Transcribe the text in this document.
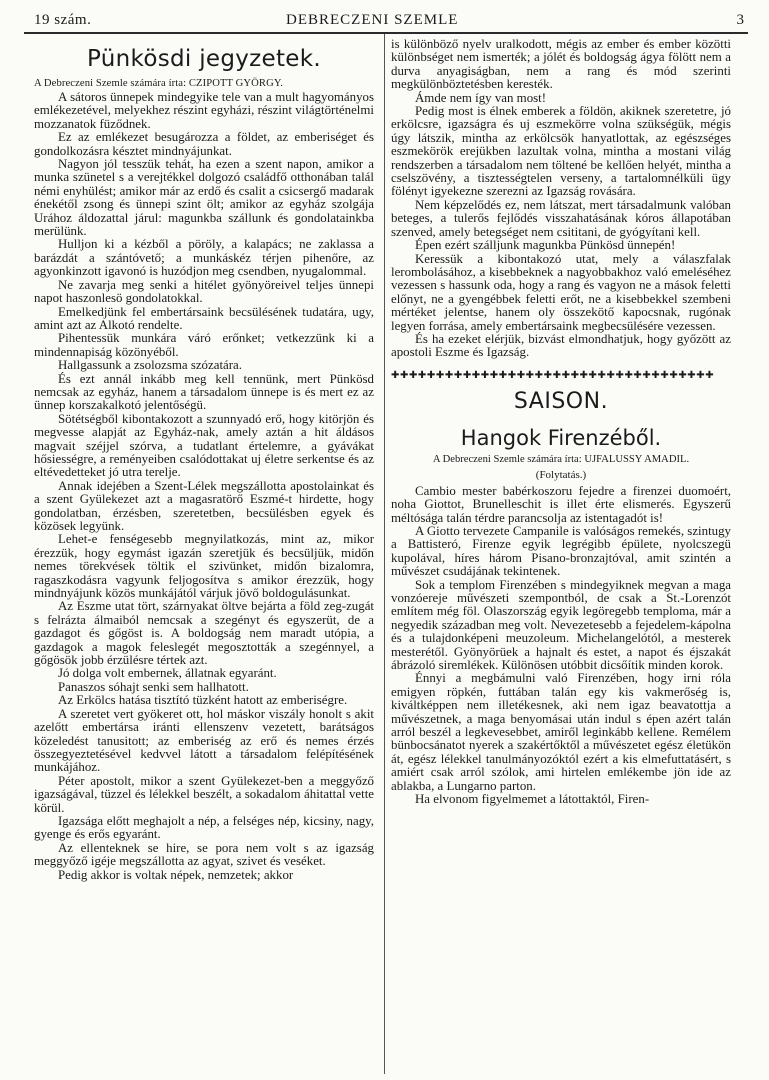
19 szám.	DEBRECZENI SZEMLE	3
Pünkösdi jegyzetek.
A Debreczeni Szemle számára írta: CZIPOTT GYÖRGY.

A sátoros ünnepek mindegyike tele van a mult hagyományos emlékezetével, melyekhez részint egyházi, részint világtörténelmi mozzanatok füződnek.

Ez az emlékezet besugározza a földet, az emberiséget és gondolkozásra késztet mindnyájunkat.

Nagyon jól tesszük tehát, ha ezen a szent napon, amikor a munka szünetel s a verejtékkel dolgozó családfő otthonában talál némi enyhülést; amikor már az erdő és csalit a csicsergő madarak énekétől zsong és ünnepi szint ölt; amikor az egyház szolgája Urához áldozattal járul: magunkba szállunk és gondolatainkba merülünk.

Hulljon ki a kézből a pöröly, a kalapács; ne zaklassa a barázdát a szántóvető; a munkáskéz térjen pihenőre, az agyonkinzott igavonó is huzódjon meg csendben, nyugalommal.

Ne zavarja meg senki a hitélet gyönyöreivel teljes ünnepi napot haszonlesö gondolatokkal.

Emelkedjünk fel embertársaink becsülésének tudatára, ugy, amint azt az Alkotó rendelte.

Pihentessük munkára váró erőnket; vetkezzünk ki a mindennapiság közönyéből.

Hallgassunk a zsolozsma szózatára.

És ezt annál inkább meg kell tennünk, mert Pünkösd nemcsak az egyház, hanem a társadalom ünnepe is és mert ez az ünnep korszakalkotó jelentőségü.

Sötétségből kibontakozott a szunnyadó erő, hogy kitörjön és megvesse alapját az Egyház-nak, amely aztán a hit áldásos magvait széjjel szórva, a tudatlant értelemre, a gyávákat hősiességre, a reményeiben csalódottakat uj életre serkentse és az eltévedetteket jó utra terelje.

Annak idejében a Szent-Lélek megszállotta apostolainkat és a szent Gyülekezet azt a magasratörő Eszmé-t hirdette, hogy gondolatban, érzésben, szeretetben, becsülésben egyek és közösek legyünk.

Lehet-e fenségesebb megnyilatkozás, mint az, mikor érezzük, hogy egymást igazán szeretjük és becsüljük, midőn nemes törekvések töltik el szivünket, midőn bizalomra, ragaszkodásra vagyunk feljogosítva s amikor érezzük, hogy mindnyájunk közös munkájától várjuk jövő boldogulásunkat.

Az Eszme utat tört, szárnyakat öltve bejárta a föld zeg-zugát s felrázta álmaiból nemcsak a szegényt és egyszerüt, de a gazdagot és gőgöst is. A boldogság nem maradt utópia, a gazdagok a magok feleslegét megosztották a szegénnyel, a gőgösök jobb érzülésre tértek azt.

Jó dolga volt embernek, állatnak egyaránt.

Panaszos sóhajt senki sem hallhatott.

Az Erkölcs hatása tisztító tüzként hatott az emberiségre.

A szeretet vert gyökeret ott, hol máskor viszály honolt s akit azelőtt embertársa iránti ellenszenv vezetett, barátságos közeledést tanusitott; az emberiség az erő és nemes érzés összegyeztetésével kedvvel látott a társadalom felépítésének munkájához.

Péter apostolt, mikor a szent Gyülekezet-ben a meggyőző igazságával, tüzzel és lélekkel beszélt, a sokadalom áhitattal vette körül.

Igazsága előtt meghajolt a nép, a felséges nép, kicsiny, nagy, gyenge és erős egyaránt.

Az ellenteknek se hire, se pora nem volt s az igazság meggyőző igéje megszállotta az agyat, szivet és veséket.

Pedig akkor is voltak népek, nemzetek; akkor

is különböző nyelv uralkodott, mégis az ember és ember közötti különbséget nem ismerték; a jólét és boldogság ágya fölött nem a durva anyagiságban, nem a rang és mód szerinti megkülönböztetésben keresték.

Ámde nem így van most!

Pedig most is élnek emberek a földön, akiknek szeretetre, jó erkölcsre, igazságra és uj eszmekörre volna szükségük, mégis úgy látszik, mintha az erkölcsök hanyatlottak, az egészséges eszmekörök erejükben lazultak volna, mintha a mostani világ rendszerben a társadalom nem töltené be kellően helyét, mintha a cselszövény, a tisztességtelen verseny, a tartalomnélküli ügy fölényt igyekezne szerezni az Igazság rovására.

Nem képzelődés ez, nem látszat, mert társadalmunk valóban beteges, a tulerős fejlődés visszahatásának kóros állapotában szenved, amely betegséget nem csititani, de gyógyítani kell.

Épen ezért szálljunk magunkba Pünkösd ünnepén!

Keressük a kibontakozó utat, mely a válaszfalak lerombolásához, a kisebbeknek a nagyobbakhoz való emeléséhez vezessen s hassunk oda, hogy a rang és vagyon ne a mások feletti előnyt, ne a gyengébbek feletti erőt, ne a kisebbekkel szembeni mértéket jelentse, hanem oly összekötő kapocsnak, rugónak legyen forrása, amely embertársaink megbecsülésére vezessen.

És ha ezeket elérjük, bizvást elmondhatjuk, hogy győzött az apostoli Eszme és Igazság.

✚✚✚✚✚✚✚✚✚✚✚✚✚✚✚✚✚✚✚✚✚✚✚✚✚✚✚✚✚✚✚✚✚✚✚✚
SAISON.
Hangok Firenzéből.
A Debreczeni Szemle számára írta: UJFALUSSY AMADIL.
(Folytatás.)

Cambio mester babérkoszoru fejedre a firenzei duomoért, noha Giottot, Brunelleschit is illet érte elismerés. Egyszerű méltósága talán térdre parancsolja az istentagadót is!

A Giotto tervezete Campanile is valóságos remekés, szintugy a Battisteró, Firenze egyik legrégibb épülete, nyolcszegü kupolával, híres három Pisano-bronzajtóval, amit szintén a művészet csudájának tekintenek.

Sok a templom Firenzében s mindegyiknek megvan a maga vonzóereje művészeti szempontból, de csak a St.-Lorenzót említem még föl. Olaszország egyik legöregebb temploma, már a negyedik században meg volt. Nevezetesebb a fejedelem-kápolna és a tulajdonképeni meuzoleum. Michelangelótól, a mesterek mesterétől. Gyönyörüek a hajnalt és estet, a napot és éjszakát ábrázoló siremlékek. Különösen utóbbit dicsőítik minden korok.

Énnyi a megbámulni való Firenzében, hogy irni róla emigyen röpkén, futtában talán egy kis vakmerőség is, kiváltképpen nem illetékesnek, aki nem igaz beavatottja a művészetnek, a maga benyomásai után indul s épen azért talán arról beszél a legkevesebbet, amiről leginkább kellene. Remélem bünbocsánatot nyerek a szakértőktől a művészetet egész életükön át, egész lélekkel tanulmányozóktól ezért a kis elmefuttatásért, s amiért csak arról szólok, ami hirtelen emlékembe jön ide az ablakba, a Lungarno parton.

Ha elvonom figyelmemet a látottaktól, Firen-
